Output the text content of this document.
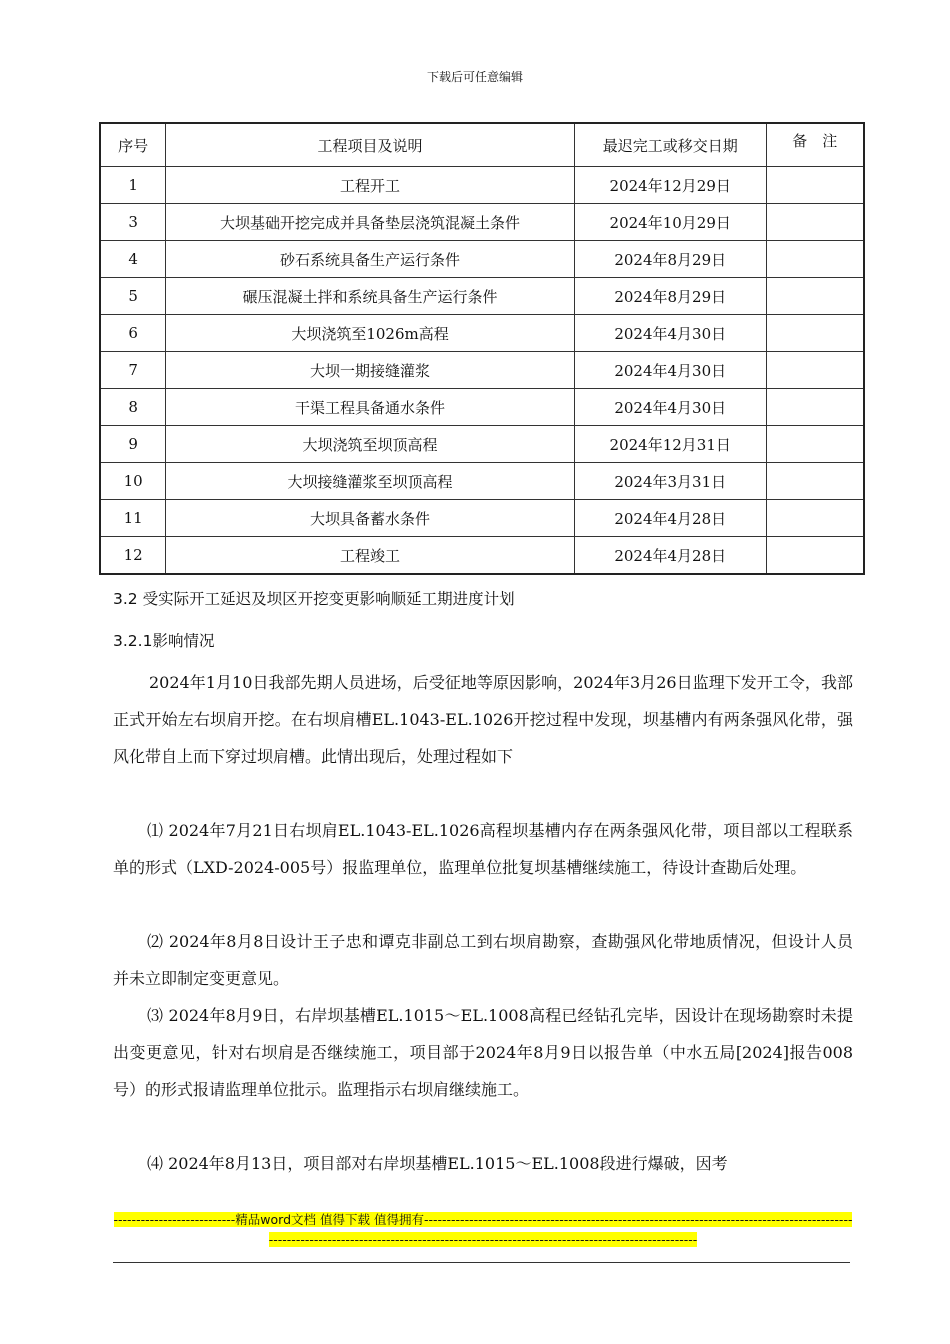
下载后可任意编辑
序号	工程项目及说明	最迟完工或移交日期	备　注
1	工程开工	2024年12月29日	
3	大坝基础开挖完成并具备垫层浇筑混凝土条件	2024年10月29日	
4	砂石系统具备生产运行条件	2024年8月29日	
5	碾压混凝土拌和系统具备生产运行条件	2024年8月29日	
6	大坝浇筑至1026m高程	2024年4月30日	
7	大坝一期接缝灌浆	2024年4月30日	
8	干渠工程具备通水条件	2024年4月30日	
9	大坝浇筑至坝顶高程	2024年12月31日	
10	大坝接缝灌浆至坝顶高程	2024年3月31日	
11	大坝具备蓄水条件	2024年4月28日	
12	工程竣工	2024年4月28日	
3.2 受实际开工延迟及坝区开挖变更影响顺延工期进度计划
3.2.1影响情况
2024年1月10日我部先期人员进场，后受征地等原因影响，2024年3月26日监理下发开工令，我部正式开始左右坝肩开挖。在右坝肩槽EL.1043-EL.1026开挖过程中发现，坝基槽内有两条强风化带，强风化带自上而下穿过坝肩槽。此情出现后，处理过程如下
⑴ 2024年7月21日右坝肩EL.1043-EL.1026高程坝基槽内存在两条强风化带，项目部以工程联系单的形式（LXD-2024-005号）报监理单位，监理单位批复坝基槽继续施工，待设计查勘后处理。
⑵ 2024年8月8日设计王子忠和谭克非副总工到右坝肩勘察，查勘强风化带地质情况，但设计人员并未立即制定变更意见。
⑶ 2024年8月9日，右岸坝基槽EL.1015～EL.1008高程已经钻孔完毕，因设计在现场勘察时未提出变更意见，针对右坝肩是否继续施工，项目部于2024年8月9日以报告单（中水五局[2024]报告008号）的形式报请监理单位批示。监理指示右坝肩继续施工。
⑷ 2024年8月13日，项目部对右岸坝基槽EL.1015～EL.1008段进行爆破，因考
---------------------------精品word文档 值得下载 值得拥有----------------------------------------------------------------------------------------------------------------------------------------------------------------------------------------------
